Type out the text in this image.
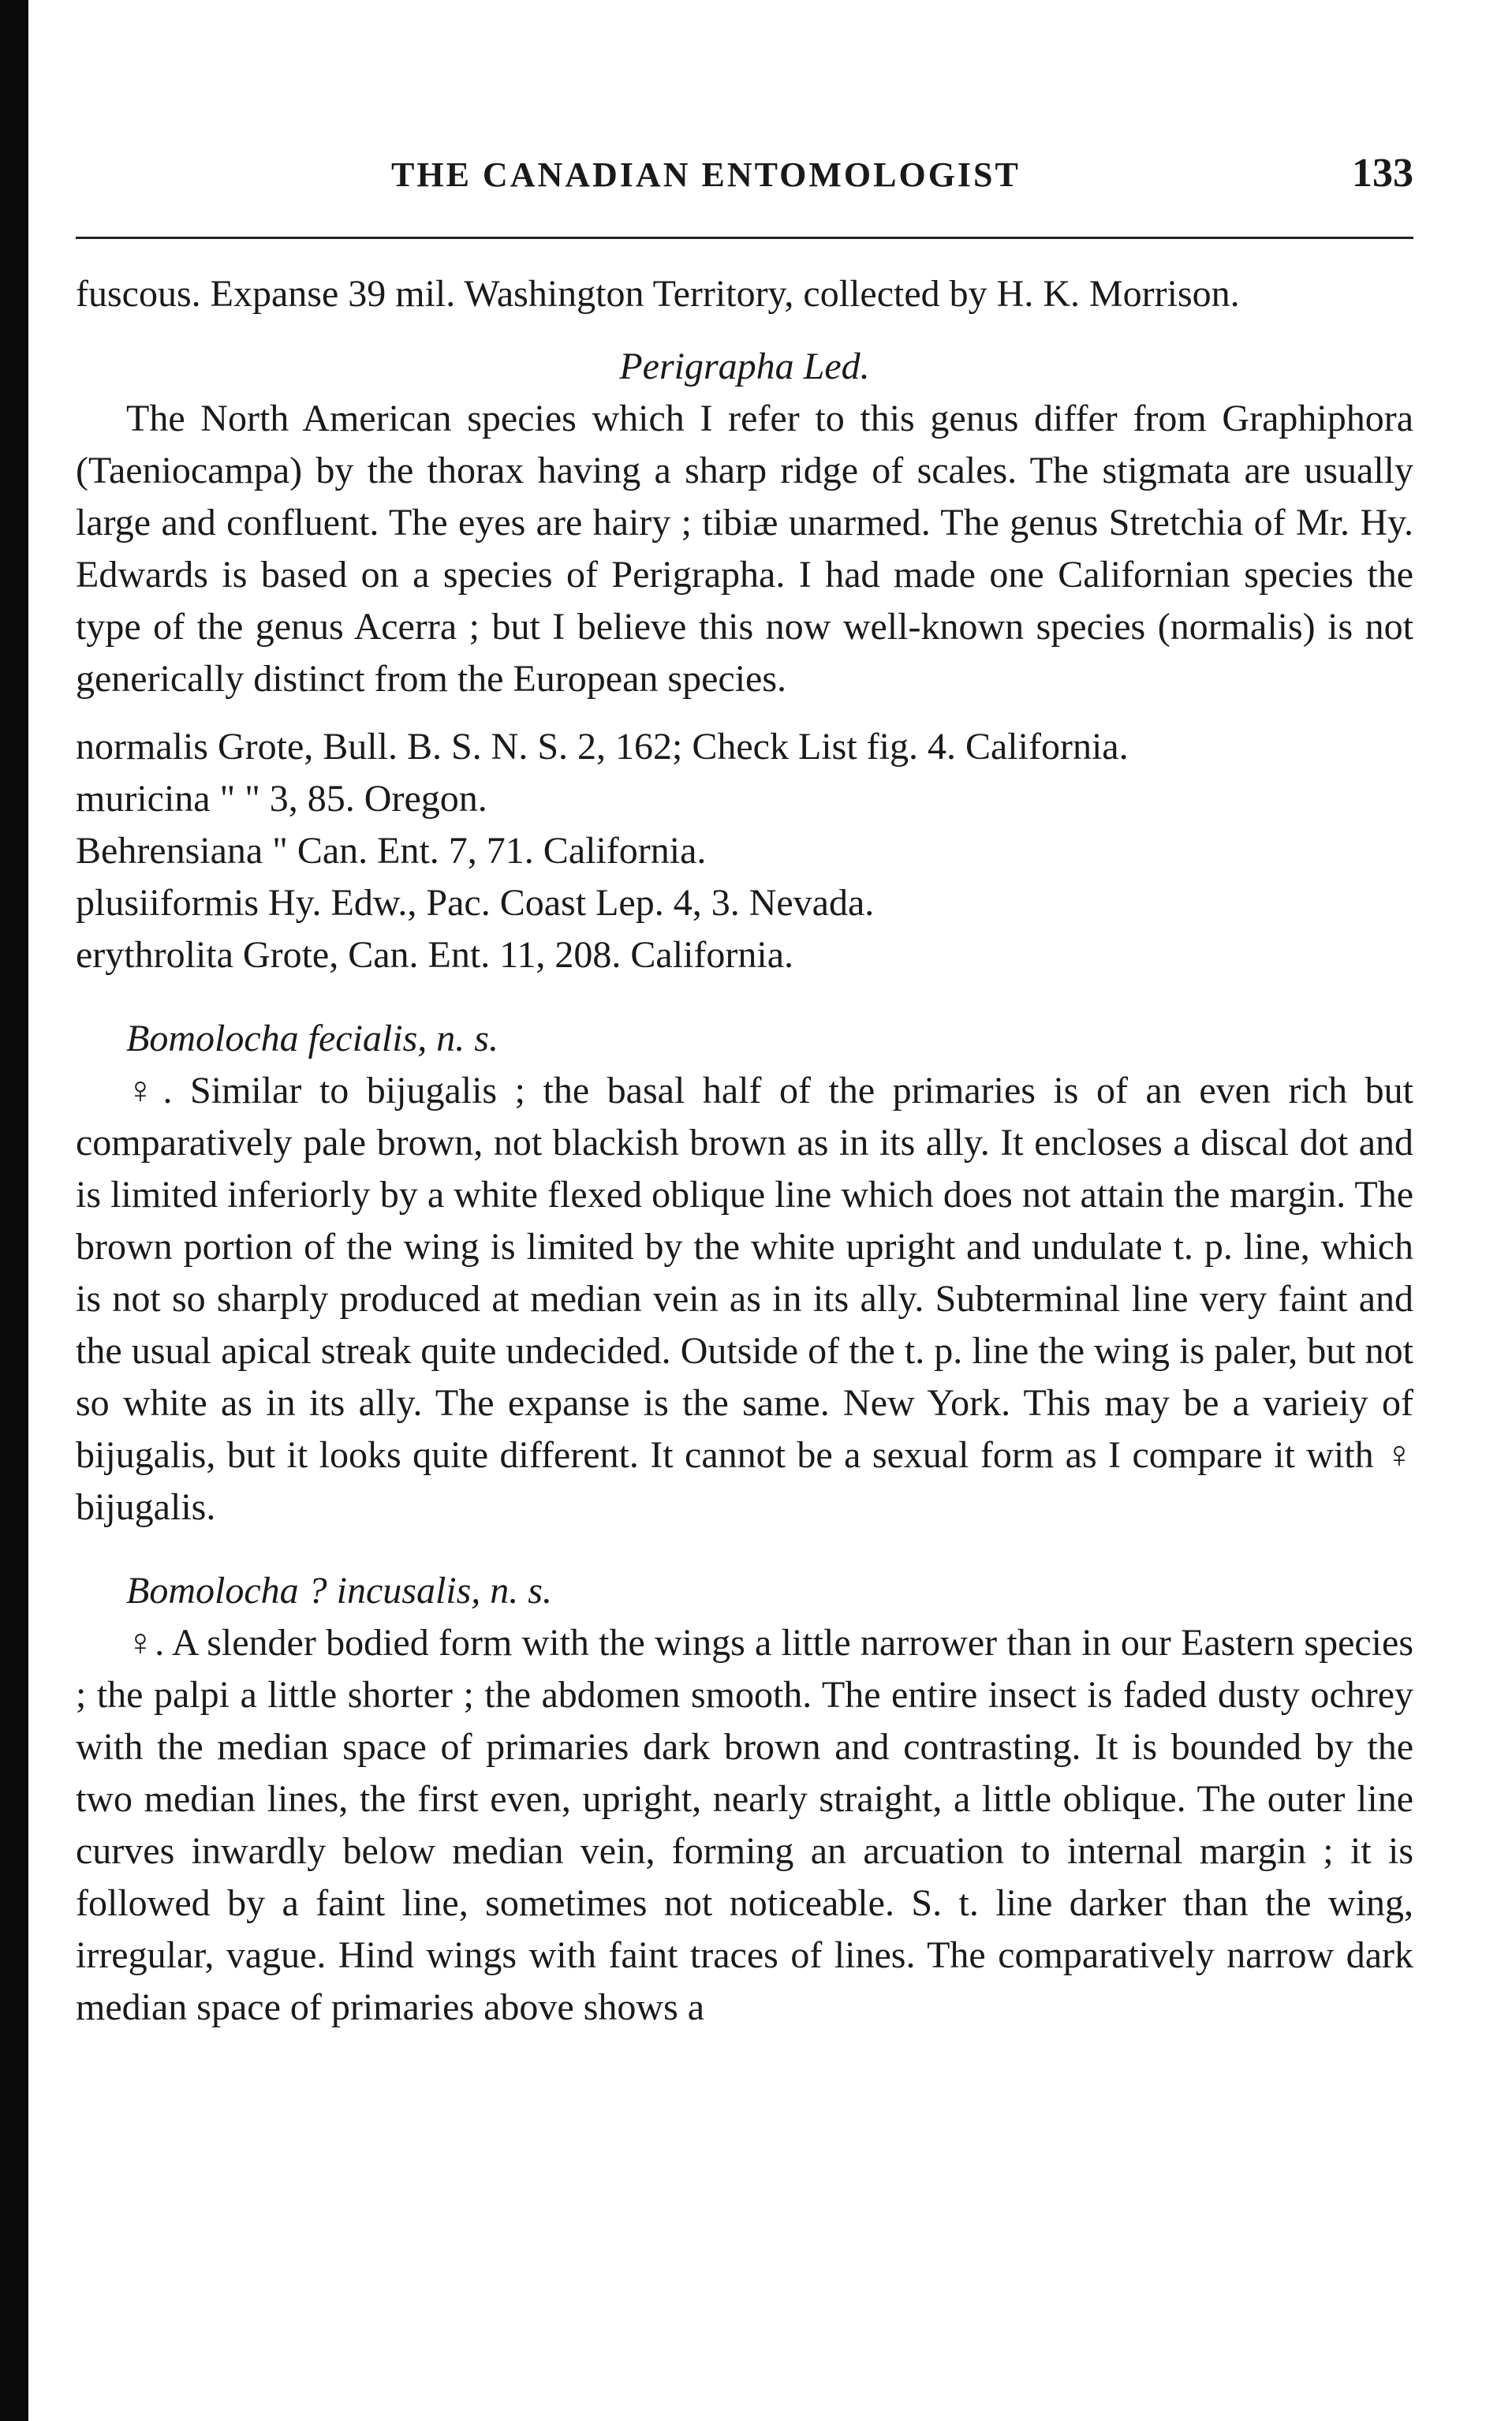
THE CANADIAN ENTOMOLOGIST	133

fuscous. Expanse 39 mil. Washington Territory, collected by H. K. Morrison.

Perigrapha Led.

The North American species which I refer to this genus differ from Graphiphora (Taeniocampa) by the thorax having a sharp ridge of scales. The stigmata are usually large and confluent. The eyes are hairy ; tibiæ unarmed. The genus Stretchia of Mr. Hy. Edwards is based on a species of Perigrapha. I had made one Californian species the type of the genus Acerra ; but I believe this now well-known species (normalis) is not generically distinct from the European species.

normalis Grote, Bull. B. S. N. S. 2, 162; Check List fig. 4. California.
muricina " " 3, 85. Oregon.
Behrensiana " Can. Ent. 7, 71. California.
plusiiformis Hy. Edw., Pac. Coast Lep. 4, 3. Nevada.
erythrolita Grote, Can. Ent. 11, 208. California.

Bomolocha fecialis, n. s.

♀. Similar to bijugalis ; the basal half of the primaries is of an even rich but comparatively pale brown, not blackish brown as in its ally. It encloses a discal dot and is limited inferiorly by a white flexed oblique line which does not attain the margin. The brown portion of the wing is limited by the white upright and undulate t. p. line, which is not so sharply produced at median vein as in its ally. Subterminal line very faint and the usual apical streak quite undecided. Outside of the t. p. line the wing is paler, but not so white as in its ally. The expanse is the same. New York. This may be a varieiy of bijugalis, but it looks quite different. It cannot be a sexual form as I compare it with ♀ bijugalis.

Bomolocha ? incusalis, n. s.

♀. A slender bodied form with the wings a little narrower than in our Eastern species ; the palpi a little shorter ; the abdomen smooth. The entire insect is faded dusty ochrey with the median space of primaries dark brown and contrasting. It is bounded by the two median lines, the first even, upright, nearly straight, a little oblique. The outer line curves inwardly below median vein, forming an arcuation to internal margin ; it is followed by a faint line, sometimes not noticeable. S. t. line darker than the wing, irregular, vague. Hind wings with faint traces of lines. The comparatively narrow dark median space of primaries above shows a
